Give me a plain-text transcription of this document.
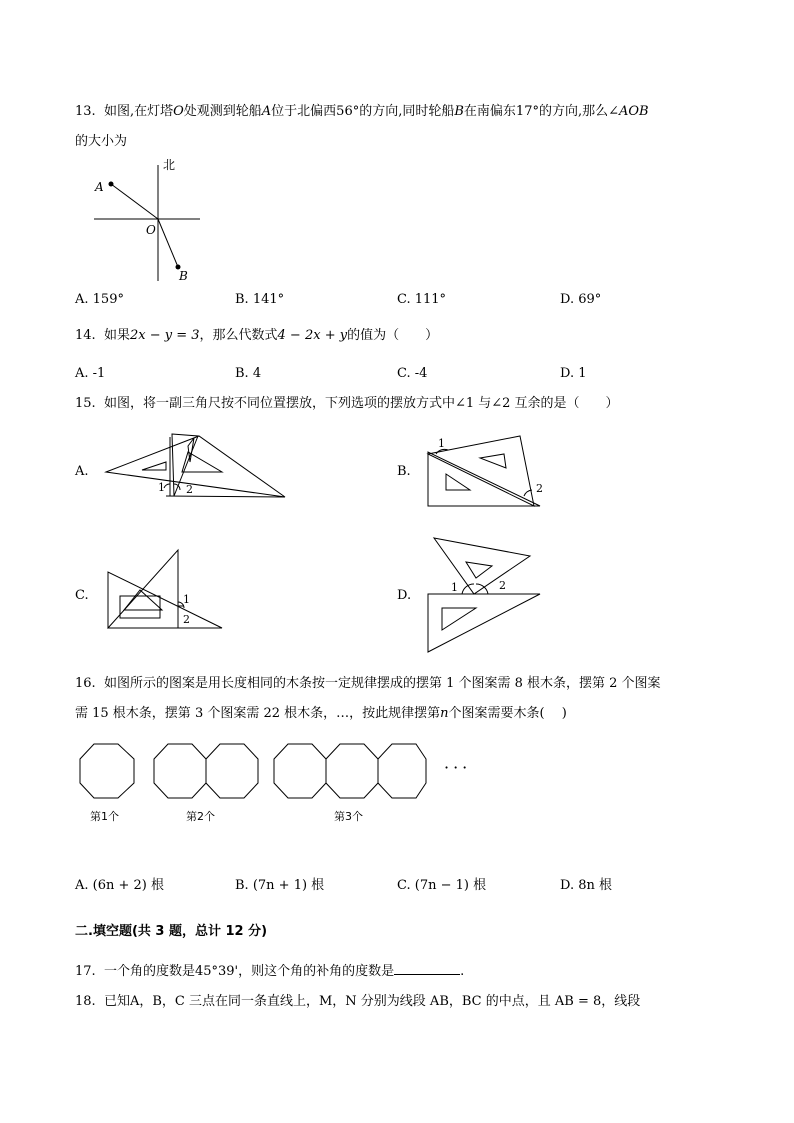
13. 如图,在灯塔O处观测到轮船A位于北偏西56°的方向,同时轮船B在南偏东17°的方向,那么∠AOB
的大小为
北
A
O
B
A. 159°	B. 141°	C. 111°	D. 69°
14. 如果2x − y = 3，那么代数式4 − 2x + y的值为（　　）
A. -1	B. 4	C. -4	D. 1
15. 如图，将一副三角尺按不同位置摆放，下列选项的摆放方式中∠1 与∠2 互余的是（　　）
A.
1 2
B.
1
2
C.	1
2
D.
1	2
16. 如图所示的图案是用长度相同的木条按一定规律摆成的摆第 1 个图案需 8 根木条，摆第 2 个图案
需 15 根木条，摆第 3 个图案需 22 根木条，…，按此规律摆第n个图案需要木条(　 )
···
第1个	第2个	第3个
A. (6n + 2) 根	B. (7n + 1) 根	C. (7n − 1) 根	D. 8n 根
二.填空题(共 3 题，总计 12 分)
17. 一个角的度数是45°39'，则这个角的补角的度数是	.
18. 已知A，B，C 三点在同一条直线上，M，N 分别为线段 AB，BC 的中点，且 AB = 8，线段
